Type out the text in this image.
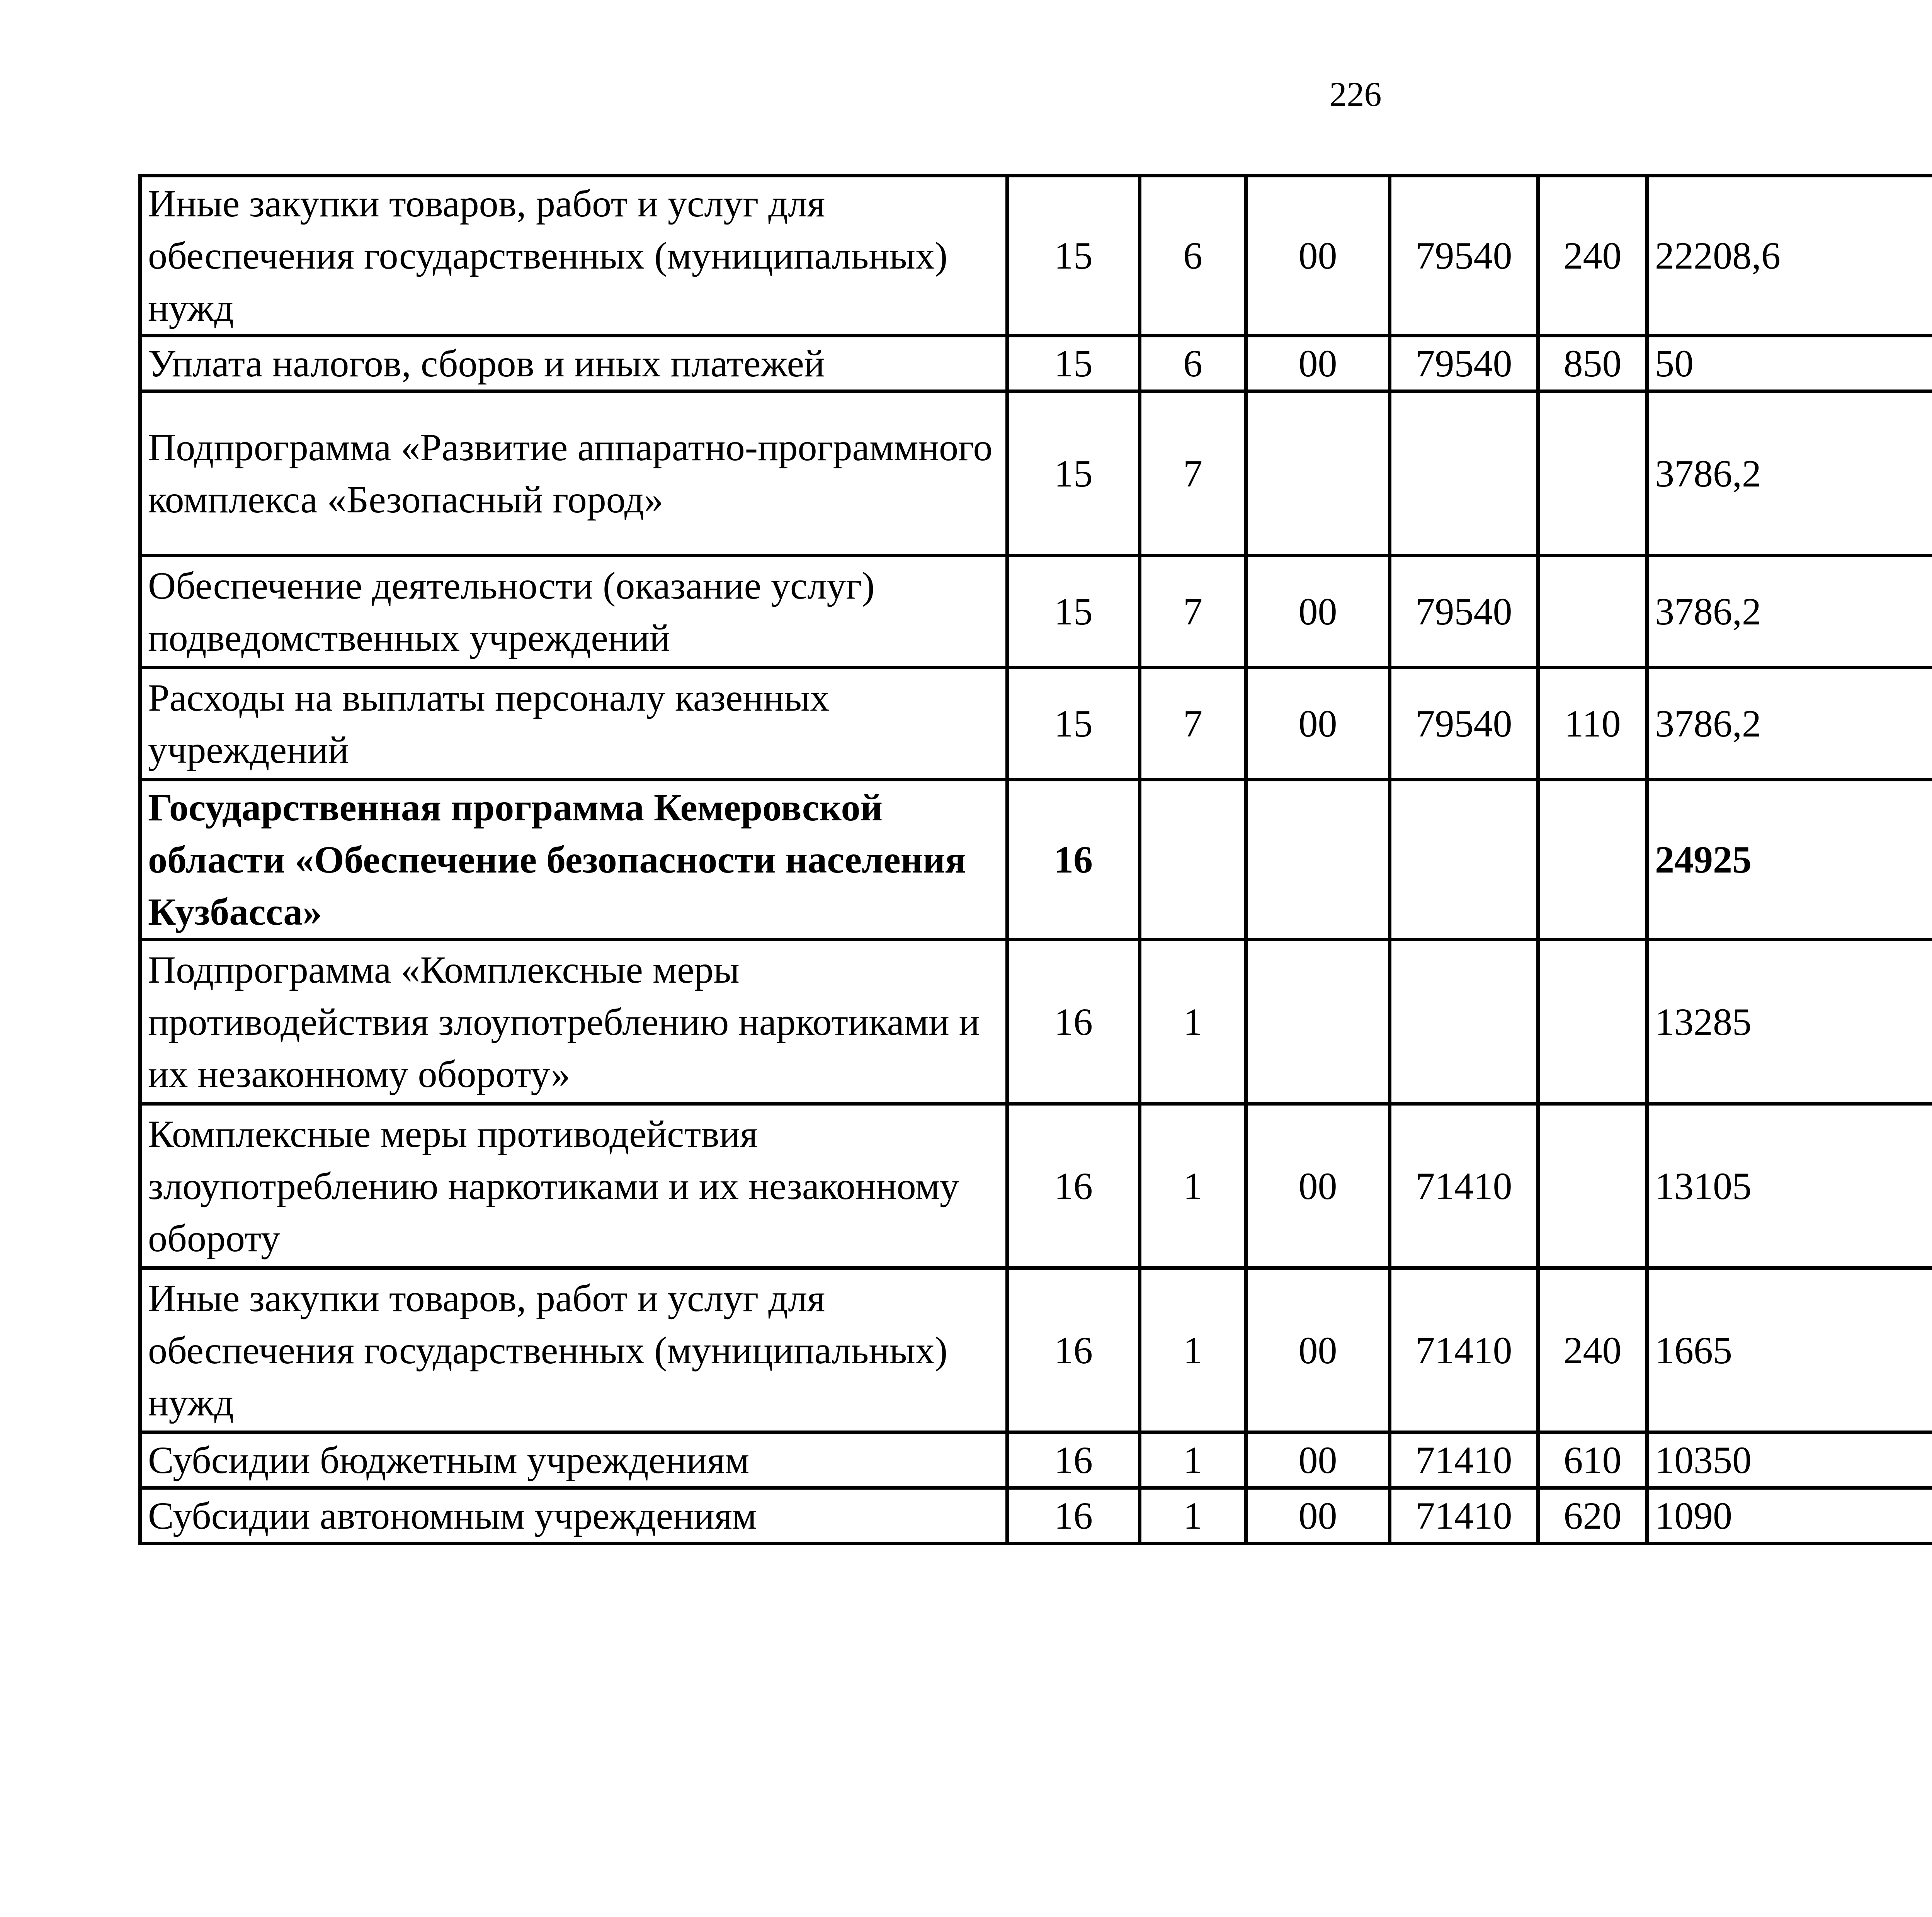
226
Иные закупки товаров, работ и услуг для обеспечения государственных (муниципальных) нужд	15	6	00	79540	240	22208,6		
Уплата налогов, сборов и иных платежей	15	6	00	79540	850	50		
Подпрограмма «Развитие аппаратно-программного комплекса «Безопасный город»	15	7				3786,2		
Обеспечение деятельности (оказание услуг) подведомственных учреждений	15	7	00	79540		3786,2		
Расходы на выплаты персоналу казенных учреждений	15	7	00	79540	110	3786,2		
Государственная программа Кемеровской области «Обеспечение безопасности населения Кузбасса»	16					24925		
Подпрограмма «Комплексные меры противодействия злоупотреблению наркотиками и их незаконному обороту»	16	1				13285		
Комплексные меры противодействия злоупотреблению наркотиками и их незаконному обороту	16	1	00	71410		13105		
Иные закупки товаров, работ и услуг для обеспечения государственных (муниципальных) нужд	16	1	00	71410	240	1665		
Субсидии бюджетным учреждениям	16	1	00	71410	610	10350		
Субсидии автономным учреждениям	16	1	00	71410	620	1090		
